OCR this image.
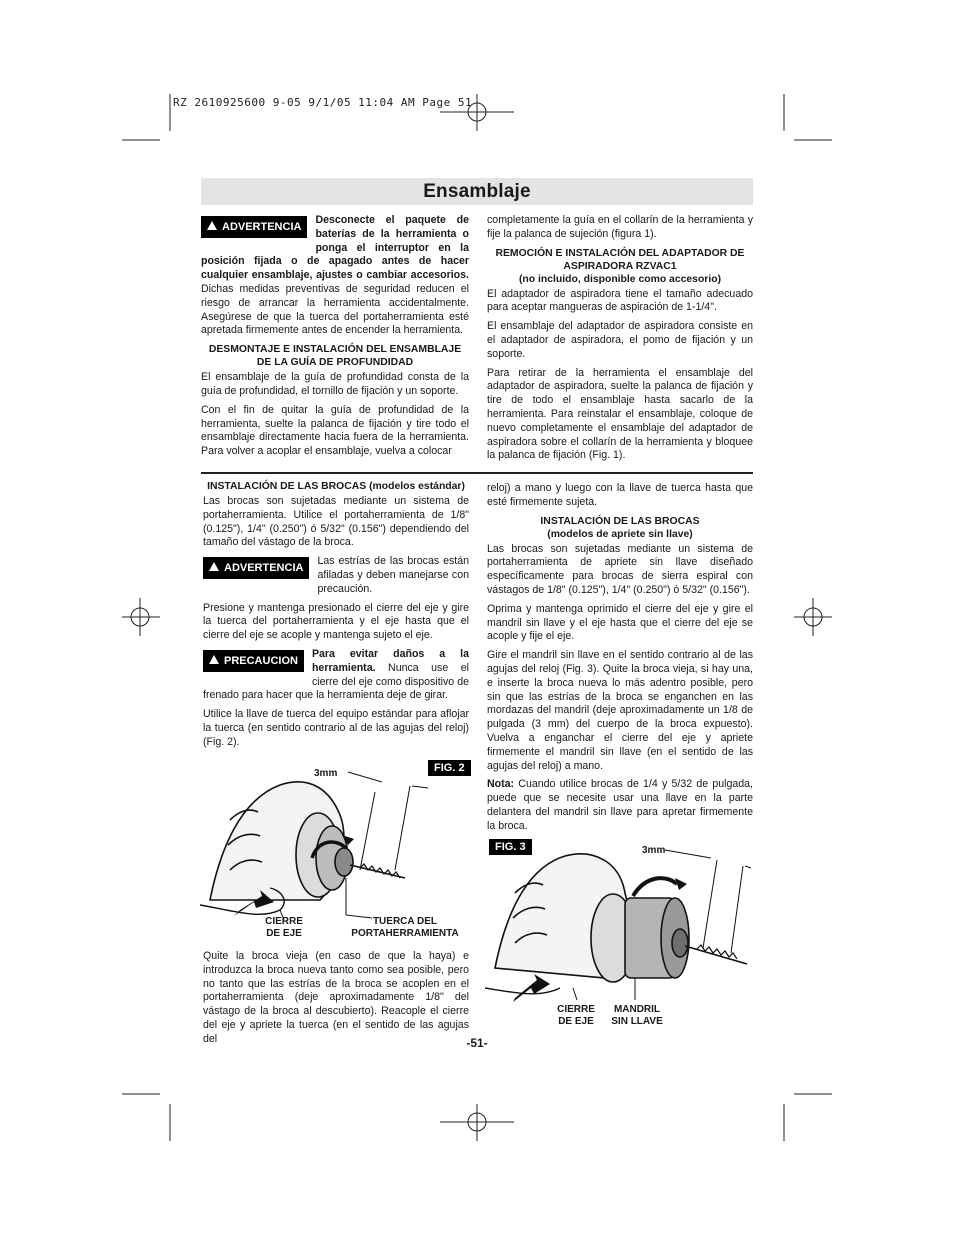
RZ 2610925600 9-05 9/1/05 11:04 AM Page 51
Ensamblaje

ADVERTENCIA
Desconecte el paquete de baterías de la herramienta o ponga el interruptor en la posición fijada o de apagado antes de hacer cualquier ensamblaje, ajustes o cambiar accesorios. Dichas medidas preventivas de seguridad reducen el riesgo de arrancar la herramienta accidentalmente. Asegúrese de que la tuerca del portaherramienta esté apretada firmemente antes de encender la herramienta.

DESMONTAJE E INSTALACIÓN DEL ENSAMBLAJE DE LA GUÍA DE PROFUNDIDAD

El ensamblaje de la guía de profundidad consta de la guía de profundidad, el tornillo de fijación y un soporte.

Con el fin de quitar la guía de profundidad de la herramienta, suelte la palanca de fijación y tire todo el ensamblaje directamente hacia fuera de la herramienta. Para volver a acoplar el ensamblaje, vuelva a colocar

completamente la guía en el collarín de la herramienta y fije la palanca de sujeción (figura 1).

REMOCIÓN E INSTALACIÓN DEL ADAPTADOR DE ASPIRADORA RZVAC1
(no incluido, disponible como accesorio)

El adaptador de aspiradora tiene el tamaño adecuado para aceptar mangueras de aspiración de 1-1/4".

El ensamblaje del adaptador de aspiradora consiste en el adaptador de aspiradora, el pomo de fijación y un soporte.

Para retirar de la herramienta el ensamblaje del adaptador de aspiradora, suelte la palanca de fijación y tire de todo el ensamblaje hasta sacarlo de la herramienta. Para reinstalar el ensamblaje, coloque de nuevo completamente el ensamblaje del adaptador de aspiradora sobre el collarín de la herramienta y bloquee la palanca de fijación (Fig. 1).

INSTALACIÓN DE LAS BROCAS (modelos estándar)

Las brocas son sujetadas mediante un sistema de portaherramienta. Utilice el portaherramienta de 1/8" (0.125"), 1/4" (0.250") ó 5/32" (0.156") dependiendo del tamaño del vástago de la broca.

ADVERTENCIA
Las estrías de las brocas están afiladas y deben manejarse con precaución.

Presione y mantenga presionado el cierre del eje y gire la tuerca del portaherramienta y el eje hasta que el cierre del eje se acople y mantenga sujeto el eje.

PRECAUCION
Para evitar daños a la herramienta. Nunca use el cierre del eje como dispositivo de frenado para hacer que la herramienta deje de girar.

Utilice la llave de tuerca del equipo estándar para aflojar la tuerca (en sentido contrario al de las agujas del reloj) (Fig. 2).

FIG. 2
3mm
CIERRE
DE EJE
TUERCA DEL
PORTAHERRAMIENTA

Quite la broca vieja (en caso de que la haya) e introduzca la broca nueva tanto como sea posible, pero no tanto que las estrías de la broca se acoplen en el portaherramienta (deje aproximadamente 1/8" del vástago de la broca al descubierto). Reacople el cierre del eje y apriete la tuerca (en el sentido de las agujas del

reloj) a mano y luego con la llave de tuerca hasta que esté firmemente sujeta.

INSTALACIÓN DE LAS BROCAS
(modelos de apriete sin llave)

Las brocas son sujetadas mediante un sistema de portaherramienta de apriete sin llave diseñado específicamente para brocas de sierra espiral con vástagos de 1/8" (0.125"), 1/4" (0.250") ó 5/32" (0.156").

Oprima y mantenga oprimido el cierre del eje y gire el mandril sin llave y el eje hasta que el cierre del eje se acople y fije el eje.

Gire el mandril sin llave en el sentido contrario al de las agujas del reloj (Fig. 3). Quite la broca vieja, si hay una, e inserte la broca nueva lo más adentro posible, pero sin que las estrías de la broca se enganchen en las mordazas del mandril (deje aproximadamente un 1/8 de pulgada (3 mm) del cuerpo de la broca expuesto). Vuelva a enganchar el cierre del eje y apriete firmemente el mandril sin llave (en el sentido de las agujas del reloj) a mano.

Nota: Cuando utilice brocas de 1/4 y 5/32 de pulgada, puede que se necesite usar una llave en la parte delantera del mandril sin llave para apretar firmemente la broca.

FIG. 3	3mm
CIERRE
DE EJE
MANDRIL
SIN LLAVE
-51-
